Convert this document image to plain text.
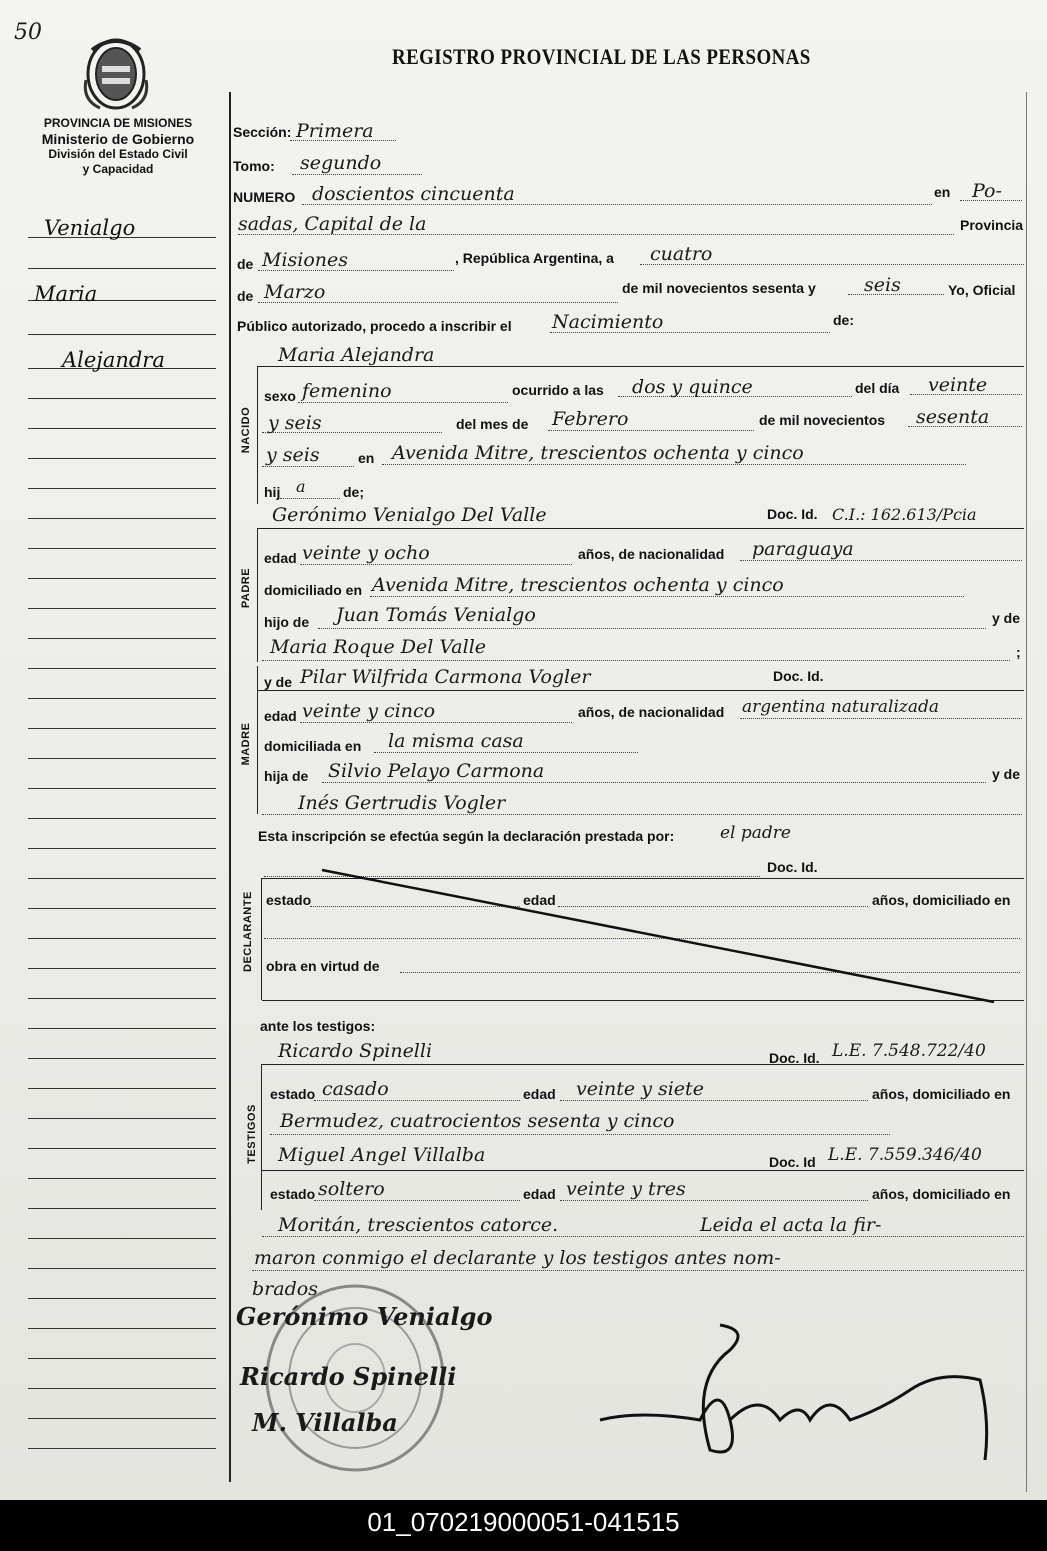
50
REGISTRO PROVINCIAL DE LAS PERSONAS
PROVINCIA DE MISIONES
Ministerio de Gobierno
División del Estado Civil
y Capacidad
Venialgo
Maria
Alejandra
Sección: Primera
Tomo: segundo
NUMERO doscientos cincuenta	en Po-
sadas, Capital de la	Provincia
de Misiones	, República Argentina, a cuatro
de Marzo	de mil novecientos sesenta y	seis	Yo, Oficial
Público autorizado, procedo a inscribir el Nacimiento	de:
NACIDO
Maria Alejandra
sexo femenino	ocurrido a las dos y quince	del día veinte
y seis	del mes de Febrero	de mil novecientos sesenta
y seis	en Avenida Mitre, trescientos ochenta y cinco
hij a	de;
PADRE
Gerónimo Venialgo Del Valle	Doc. Id. C.I.: 162.613/Pcia
edad veinte y ocho	años, de nacionalidad paraguaya
domiciliado en Avenida Mitre, trescientos ochenta y cinco
hijo de Juan Tomás Venialgo	y de
Maria Roque Del Valle	;
MADRE
y de Pilar Wilfrida Carmona Vogler	Doc. Id.
edad veinte y cinco	años, de nacionalidad argentina naturalizada
domiciliada en la misma casa
hija de Silvio Pelayo Carmona	y de
Inés Gertrudis Vogler
Esta inscripción se efectúa según la declaración prestada por:	el padre
Doc. Id.
DECLARANTE estado	edad	años, domiciliado en
obra en virtud de
ante los testigos:
TESTIGOS
Ricardo Spinelli	Doc. Id. L.E. 7.548.722/40
estado casado	edad veinte y siete	años, domiciliado en
Bermudez, cuatrocientos sesenta y cinco
Miguel Angel Villalba	Doc. Id L.E. 7.559.346/40
estado soltero	edad veinte y tres	años, domiciliado en
Moritán, trescientos catorce.	Leida el acta la fir-
maron conmigo el declarante y los testigos antes nom-
brados.
Gerónimo Venialgo
Ricardo Spinelli
M. Villalba
01_070219000051-041515
